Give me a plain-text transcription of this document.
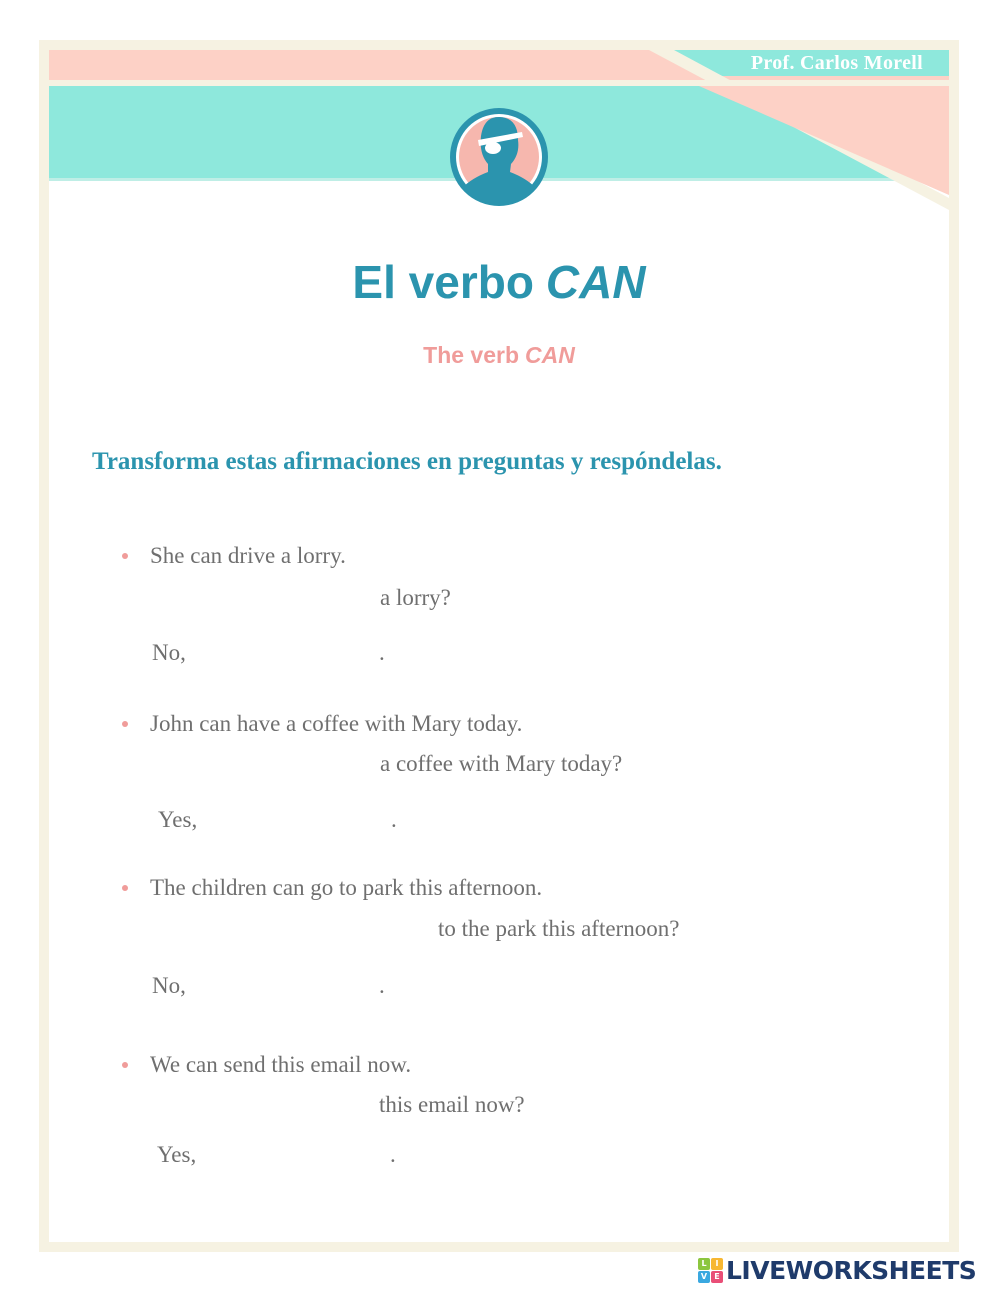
Prof. Carlos Morell
El verbo CAN
The verb CAN

Transforma estas afirmaciones en preguntas y respóndelas.

She can drive a lorry.
a lorry?
No,	.
John can have a coffee with Mary today.
a coffee with Mary today?
Yes,	.
The children can go to park this afternoon.
to the park this afternoon?
No,	.
We can send this email now.
this email now?
Yes,	.
L	I
V E LIVEWORKSHEETS
